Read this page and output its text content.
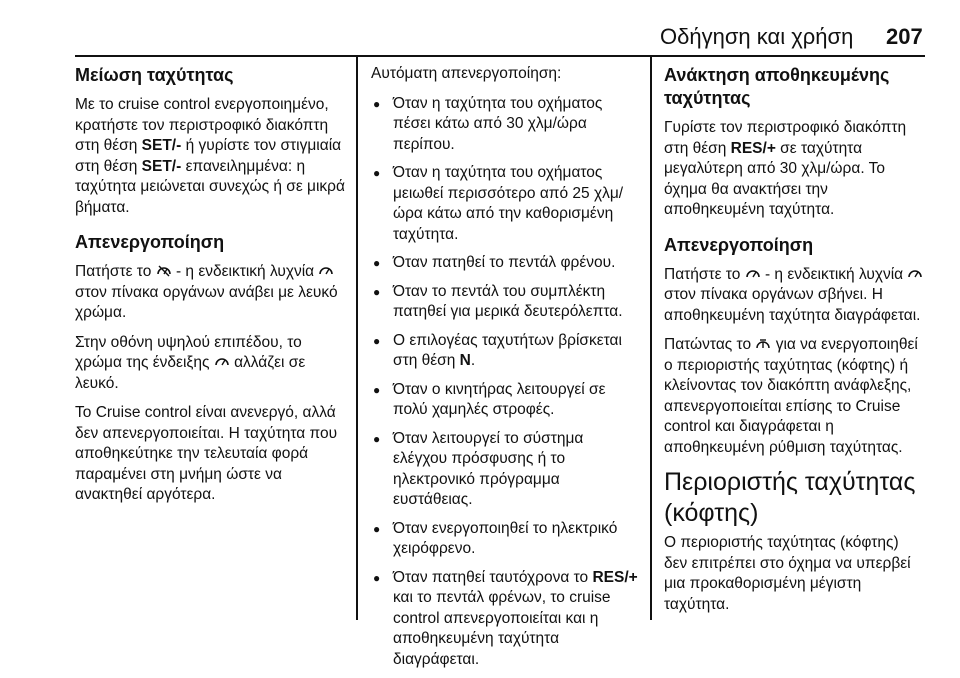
Οδήγηση και χρήση 207
Μείωση ταχύτητας

Με το cruise control ενεργοποιημένο, κρατήστε τον περιστροφικό διακόπτη στη θέση SET/- ή γυρίστε τον στιγμιαία στη θέση SET/- επανειλημμένα: η ταχύτητα μειώνεται συνεχώς ή σε μικρά βήματα.

Απενεργοποίηση

Πατήστε το
- η ενδεικτική λυχνία
στον πίνακα οργάνων ανάβει με λευκό χρώμα.

Στην οθόνη υψηλού επιπέδου, το χρώμα της ένδειξης
αλλάζει σε λευκό.

Το Cruise control είναι ανενεργό, αλλά δεν απενεργοποιείται. Η ταχύτητα που αποθηκεύτηκε την τελευταία φορά παραμένει στη μνήμη ώστε να ανακτηθεί αργότερα.

Αυτόματη απενεργοποίηση:

● Όταν η ταχύτητα του οχήματος πέσει κάτω από 30 χλμ/ώρα περίπου.
● Όταν η ταχύτητα του οχήματος μειωθεί περισσότερο από 25 χλμ/ώρα κάτω από την καθορισμένη ταχύτητα.
● Όταν πατηθεί το πεντάλ φρένου.
● Όταν το πεντάλ του συμπλέκτη πατηθεί για μερικά δευτερόλεπτα.
● Ο επιλογέας ταχυτήτων βρίσκεται στη θέση N.
● Όταν ο κινητήρας λειτουργεί σε πολύ χαμηλές στροφές.
● Όταν λειτουργεί το σύστημα ελέγχου πρόσφυσης ή το ηλεκτρονικό πρόγραμμα ευστάθειας.
● Όταν ενεργοποιηθεί το ηλεκτρικό χειρόφρενο.
● Όταν πατηθεί ταυτόχρονα το RES/+ και το πεντάλ φρένων, το cruise control απενεργοποιείται και η αποθηκευμένη ταχύτητα διαγράφεται.
Ανάκτηση αποθηκευμένης ταχύτητας

Γυρίστε τον περιστροφικό διακόπτη στη θέση RES/+ σε ταχύτητα μεγαλύτερη από 30 χλμ/ώρα. Το όχημα θα ανακτήσει την αποθηκευμένη ταχύτητα.

Απενεργοποίηση

Πατήστε το
- η ενδεικτική λυχνία
στον πίνακα οργάνων σβήνει. Η αποθηκευμένη ταχύτητα διαγράφεται.

Πατώντας το
για να ενεργοποιηθεί ο περιοριστής ταχύτητας (κόφτης) ή κλείνοντας τον διακόπτη ανάφλεξης, απενεργοποιείται επίσης το Cruise control και διαγράφεται η αποθηκευμένη ρύθμιση ταχύτητας.

Περιοριστής ταχύτητας (κόφτης)

Ο περιοριστής ταχύτητας (κόφτης) δεν επιτρέπει στο όχημα να υπερβεί μια προκαθορισμένη μέγιστη ταχύτητα.
